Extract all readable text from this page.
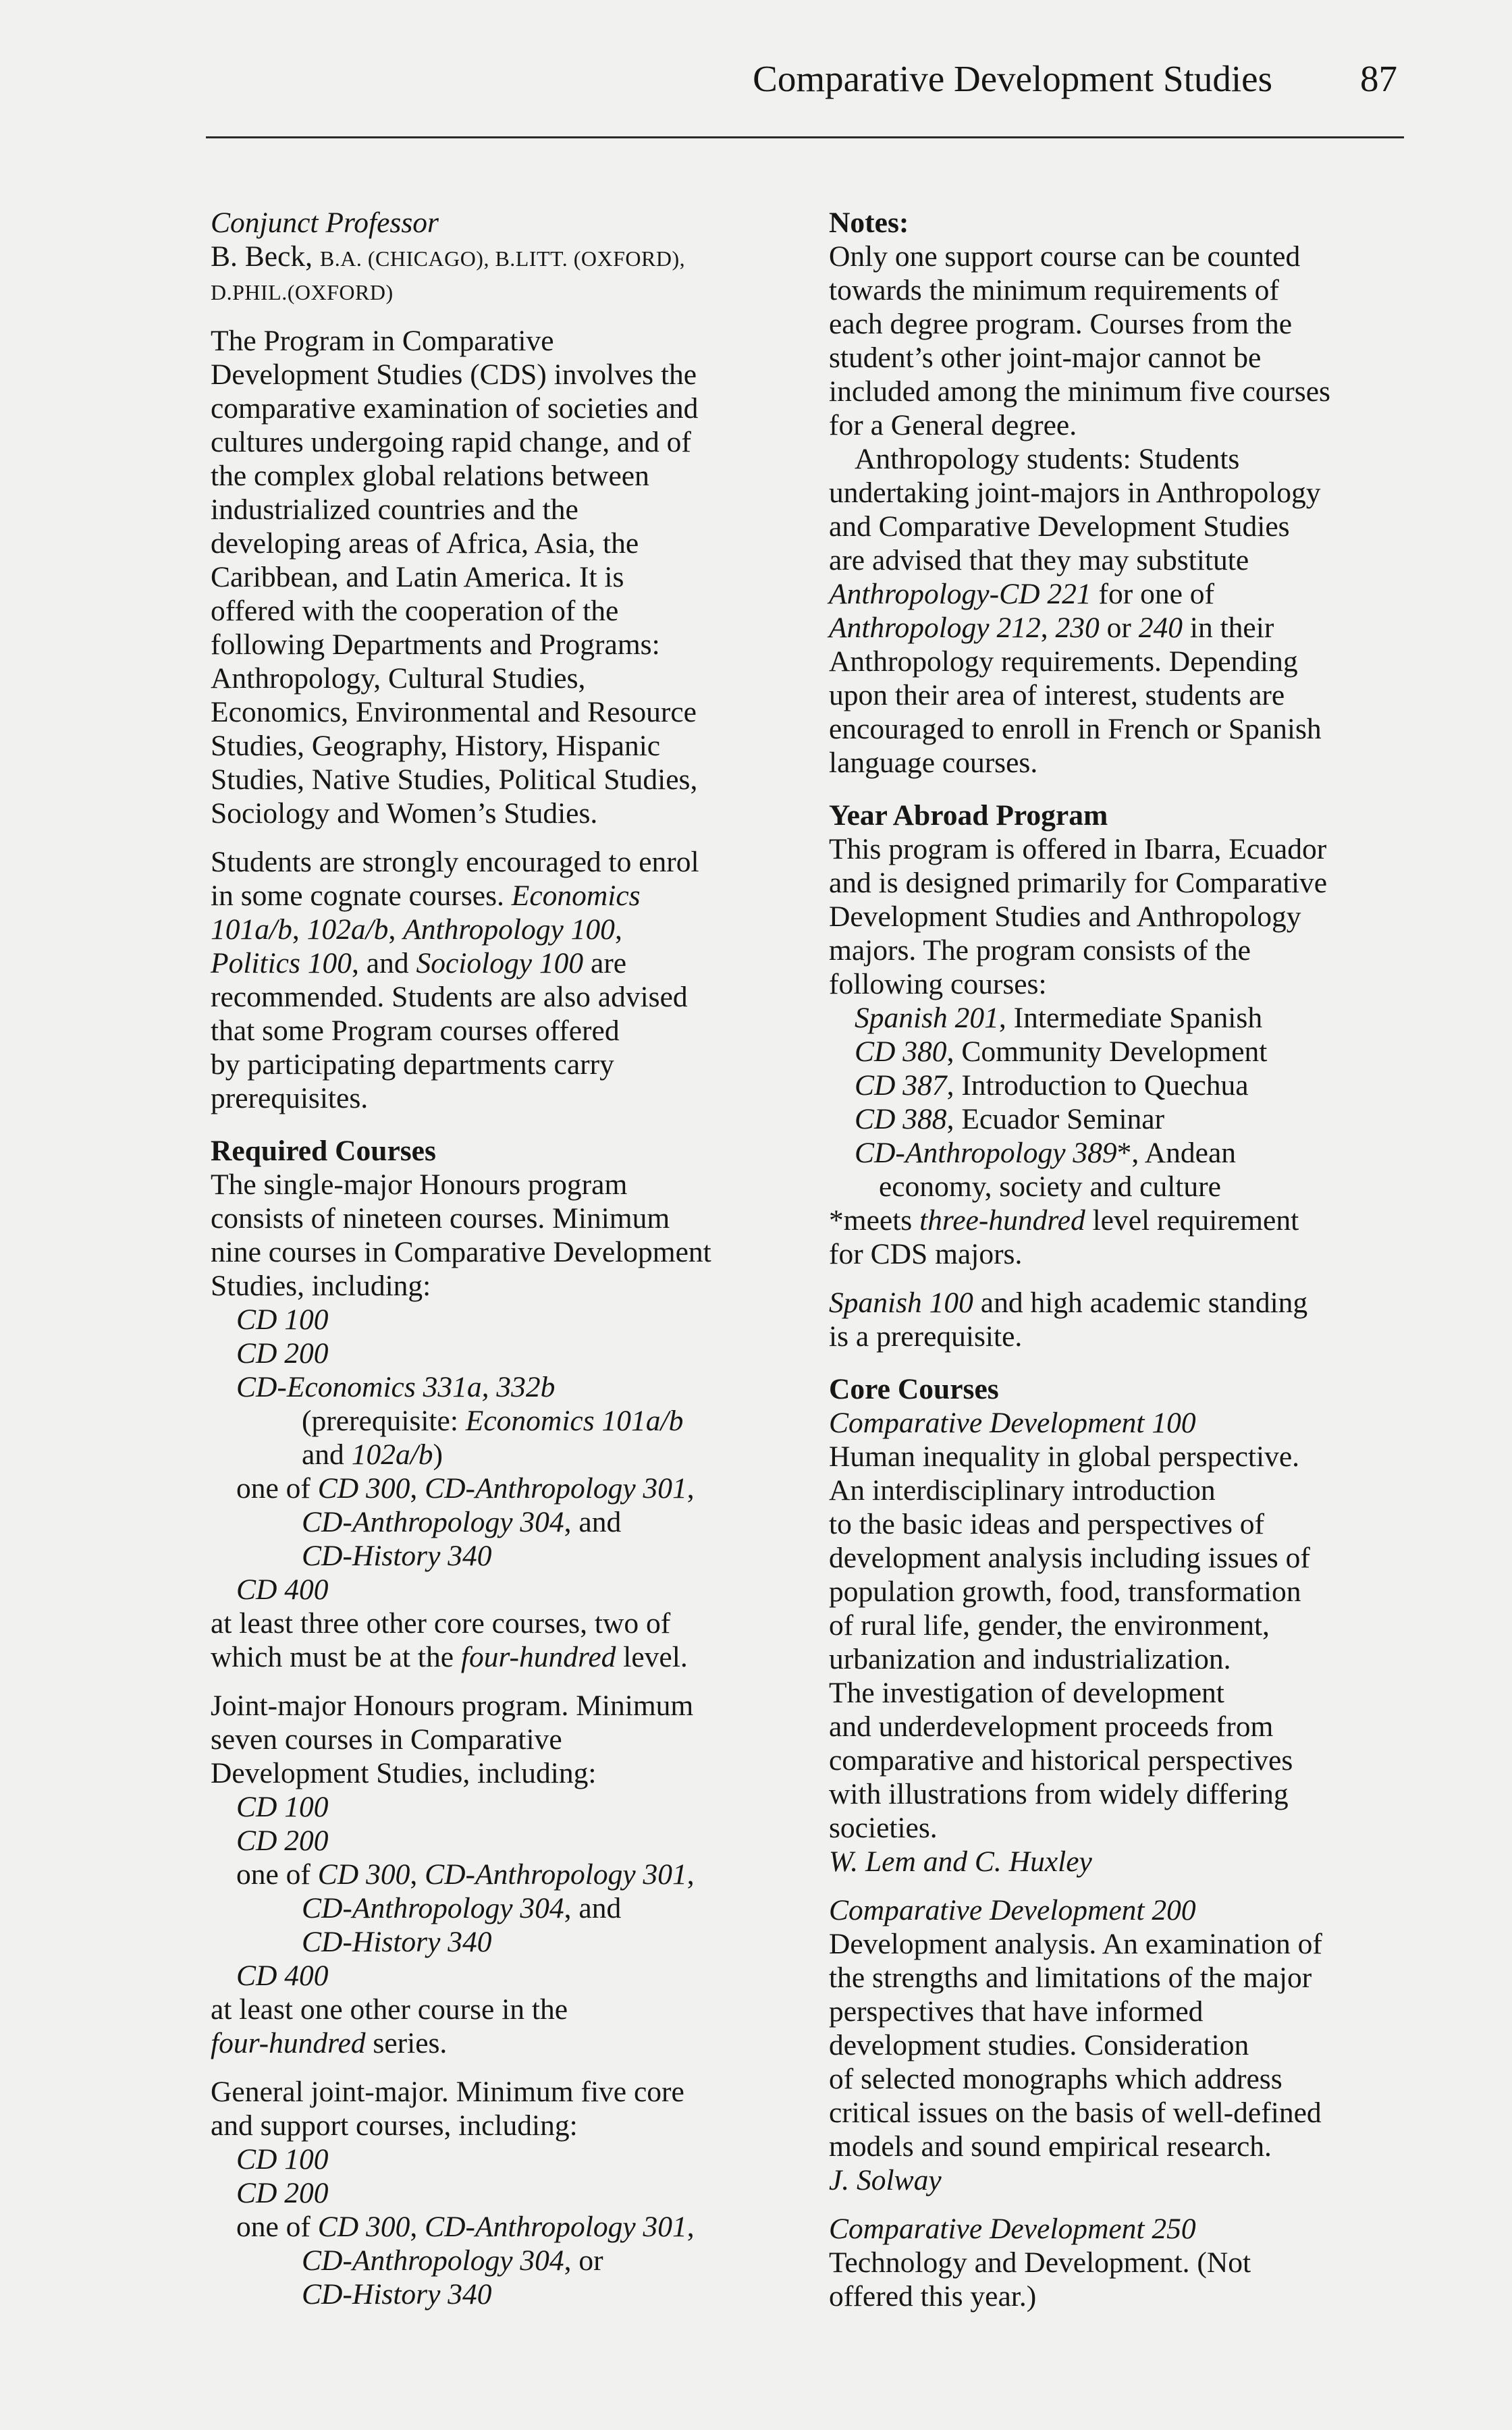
Comparative Development Studies 87
Conjunct Professor
B. Beck, B.A. (CHICAGO), B.LITT. (OXFORD),
D.PHIL.(OXFORD)
The Program in Comparative
Development Studies (CDS) involves the
comparative examination of societies and
cultures undergoing rapid change, and of
the complex global relations between
industrialized countries and the
developing areas of Africa, Asia, the
Caribbean, and Latin America. It is
offered with the cooperation of the
following Departments and Programs:
Anthropology, Cultural Studies,
Economics, Environmental and Resource
Studies, Geography, History, Hispanic
Studies, Native Studies, Political Studies,
Sociology and Women’s Studies.
Students are strongly encouraged to enrol
in some cognate courses. Economics
101a/b, 102a/b, Anthropology 100,
Politics 100, and Sociology 100 are
recommended. Students are also advised
that some Program courses offered
by participating departments carry
prerequisites.
Required Courses
The single-major Honours program
consists of nineteen courses. Minimum
nine courses in Comparative Development
Studies, including:
CD 100
CD 200
CD-Economics 331a, 332b
(prerequisite: Economics 101a/b
and 102a/b)
one of CD 300, CD-Anthropology 301,
CD-Anthropology 304, and
CD-History 340
CD 400
at least three other core courses, two of
which must be at the four-hundred level.
Joint-major Honours program. Minimum
seven courses in Comparative
Development Studies, including:
CD 100
CD 200
one of CD 300, CD-Anthropology 301,
CD-Anthropology 304, and
CD-History 340
CD 400
at least one other course in the
four-hundred series.
General joint-major. Minimum five core
and support courses, including:
CD 100
CD 200
one of CD 300, CD-Anthropology 301,
CD-Anthropology 304, or
CD-History 340
Notes:
Only one support course can be counted
towards the minimum requirements of
each degree program. Courses from the
student’s other joint-major cannot be
included among the minimum five courses
for a General degree.
Anthropology students: Students
undertaking joint-majors in Anthropology
and Comparative Development Studies
are advised that they may substitute
Anthropology-CD 221 for one of
Anthropology 212, 230 or 240 in their
Anthropology requirements. Depending
upon their area of interest, students are
encouraged to enroll in French or Spanish
language courses.
Year Abroad Program
This program is offered in Ibarra, Ecuador
and is designed primarily for Comparative
Development Studies and Anthropology
majors. The program consists of the
following courses:
Spanish 201, Intermediate Spanish
CD 380, Community Development
CD 387, Introduction to Quechua
CD 388, Ecuador Seminar
CD-Anthropology 389*, Andean
economy, society and culture
*meets three-hundred level requirement
for CDS majors.
Spanish 100 and high academic standing
is a prerequisite.
Core Courses
Comparative Development 100
Human inequality in global perspective.
An interdisciplinary introduction
to the basic ideas and perspectives of
development analysis including issues of
population growth, food, transformation
of rural life, gender, the environment,
urbanization and industrialization.
The investigation of development
and underdevelopment proceeds from
comparative and historical perspectives
with illustrations from widely differing
societies.
W. Lem and C. Huxley
Comparative Development 200
Development analysis. An examination of
the strengths and limitations of the major
perspectives that have informed
development studies. Consideration
of selected monographs which address
critical issues on the basis of well-defined
models and sound empirical research.
J. Solway
Comparative Development 250
Technology and Development. (Not
offered this year.)
